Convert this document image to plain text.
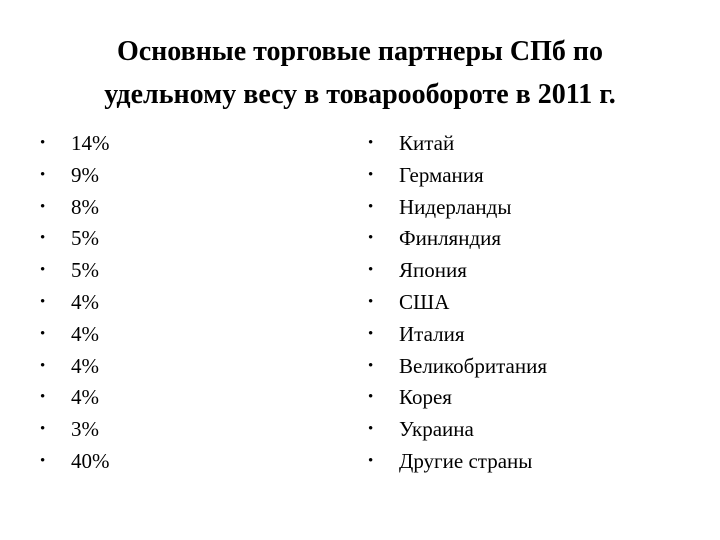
Основные торговые партнеры СПб по
удельному весу в товарообороте в 2011 г.
• 14%
• 9%
• 8%
• 5%
• 5%
• 4%
• 4%
• 4%
• 4%
• 3%
• 40%
• Китай
• Германия
• Нидерланды
• Финляндия
• Япония
• США
• Италия
• Великобритания
• Корея
• Украина
• Другие страны
